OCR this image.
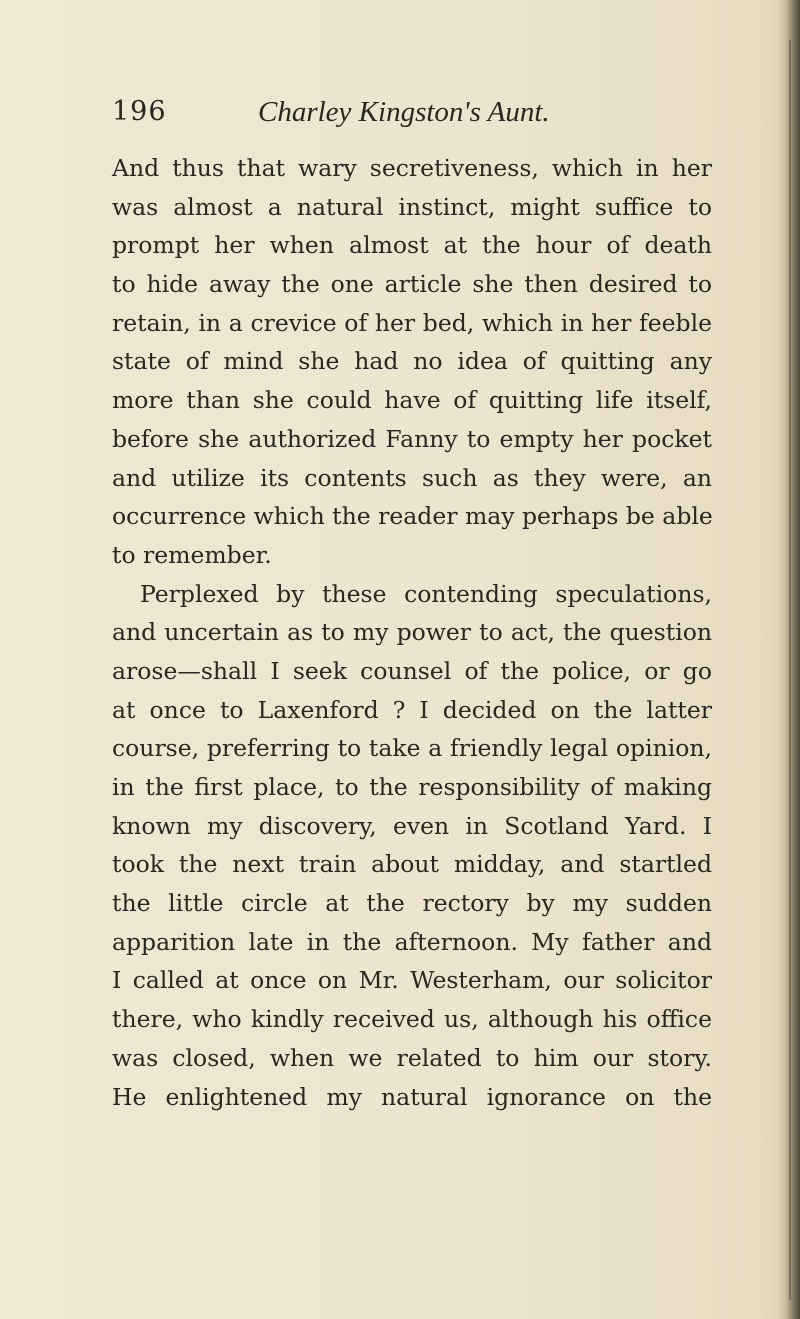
196	Charley Kingston's Aunt.
And thus that wary secretiveness, which in her
was almost a natural instinct, might suffice to
prompt her when almost at the hour of death
to hide away the one article she then desired to
retain, in a crevice of her bed, which in her feeble
state of mind she had no idea of quitting any
more than she could have of quitting life itself,
before she authorized Fanny to empty her pocket
and utilize its contents such as they were, an
occurrence which the reader may perhaps be able
to remember.
Perplexed by these contending speculations,
and uncertain as to my power to act, the question
arose—shall I seek counsel of the police, or go
at once to Laxenford ? I decided on the latter
course, preferring to take a friendly legal opinion,
in the first place, to the responsibility of making
known my discovery, even in Scotland Yard. I
took the next train about midday, and startled
the little circle at the rectory by my sudden
apparition late in the afternoon. My father and
I called at once on Mr. Westerham, our solicitor
there, who kindly received us, although his office
was closed, when we related to him our story.
He enlightened my natural ignorance on the
